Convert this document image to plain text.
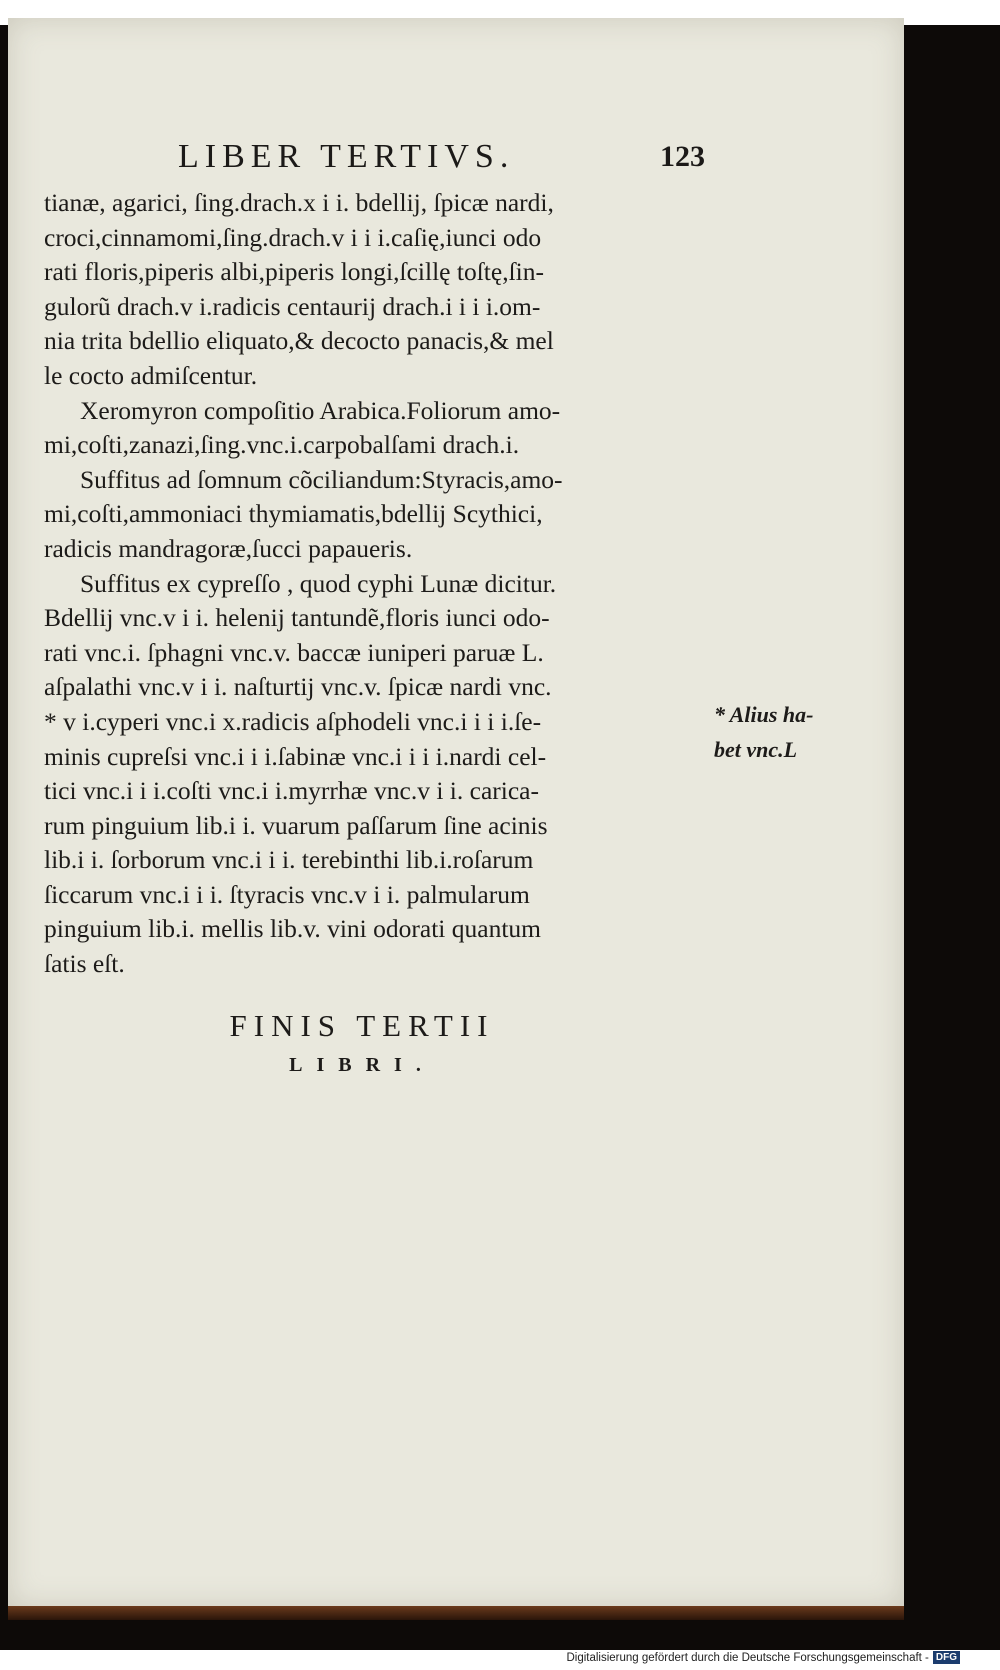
LIBER TERTIVS.	123
tianæ, agarici, ſing.drach.x i i. bdellij, ſpicæ nardi,
croci,cinnamomi,ſing.drach.v i i i.caſię,iunci odo
rati floris,piperis albi,piperis longi,ſcillę toſtę,ſin-
gulorũ drach.v i.radicis centaurij drach.i i i i.om-
nia trita bdellio eliquato,& decocto panacis,& mel
le cocto admiſcentur.
Xeromyron compoſitio Arabica.Foliorum amo-
mi,coſti,zanazi,ſing.vnc.i.carpobalſami drach.i.
Suffitus ad ſomnum cõciliandum:Styracis,amo-
mi,coſti,ammoniaci thymiamatis,bdellij Scythici,
radicis mandragoræ,ſucci papaueris.
Suffitus ex cypreſſo , quod cyphi Lunæ dicitur.
Bdellij vnc.v i i. helenij tantundẽ,floris iunci odo-
rati vnc.i. ſphagni vnc.v. baccæ iuniperi paruæ L.
aſpalathi vnc.v i i. naſturtij vnc.v. ſpicæ nardi vnc.
* v i.cyperi vnc.i x.radicis aſphodeli vnc.i i i i.ſe-
minis cupreſsi vnc.i i i.ſabinæ vnc.i i i i.nardi cel-
tici vnc.i i i.coſti vnc.i i.myrrhæ vnc.v i i. carica-
rum pinguium lib.i i. vuarum paſſarum ſine acinis
lib.i i. ſorborum vnc.i i i. terebinthi lib.i.roſarum
ſiccarum vnc.i i i. ſtyracis vnc.v i i. palmularum
pinguium lib.i. mellis lib.v. vini odorati quantum
ſatis eſt.
* Alius ha-
bet vnc.L
FINIS TERTII
LIBRI.
Digitalisierung gefördert durch die Deutsche Forschungsgemeinschaft - DFG
